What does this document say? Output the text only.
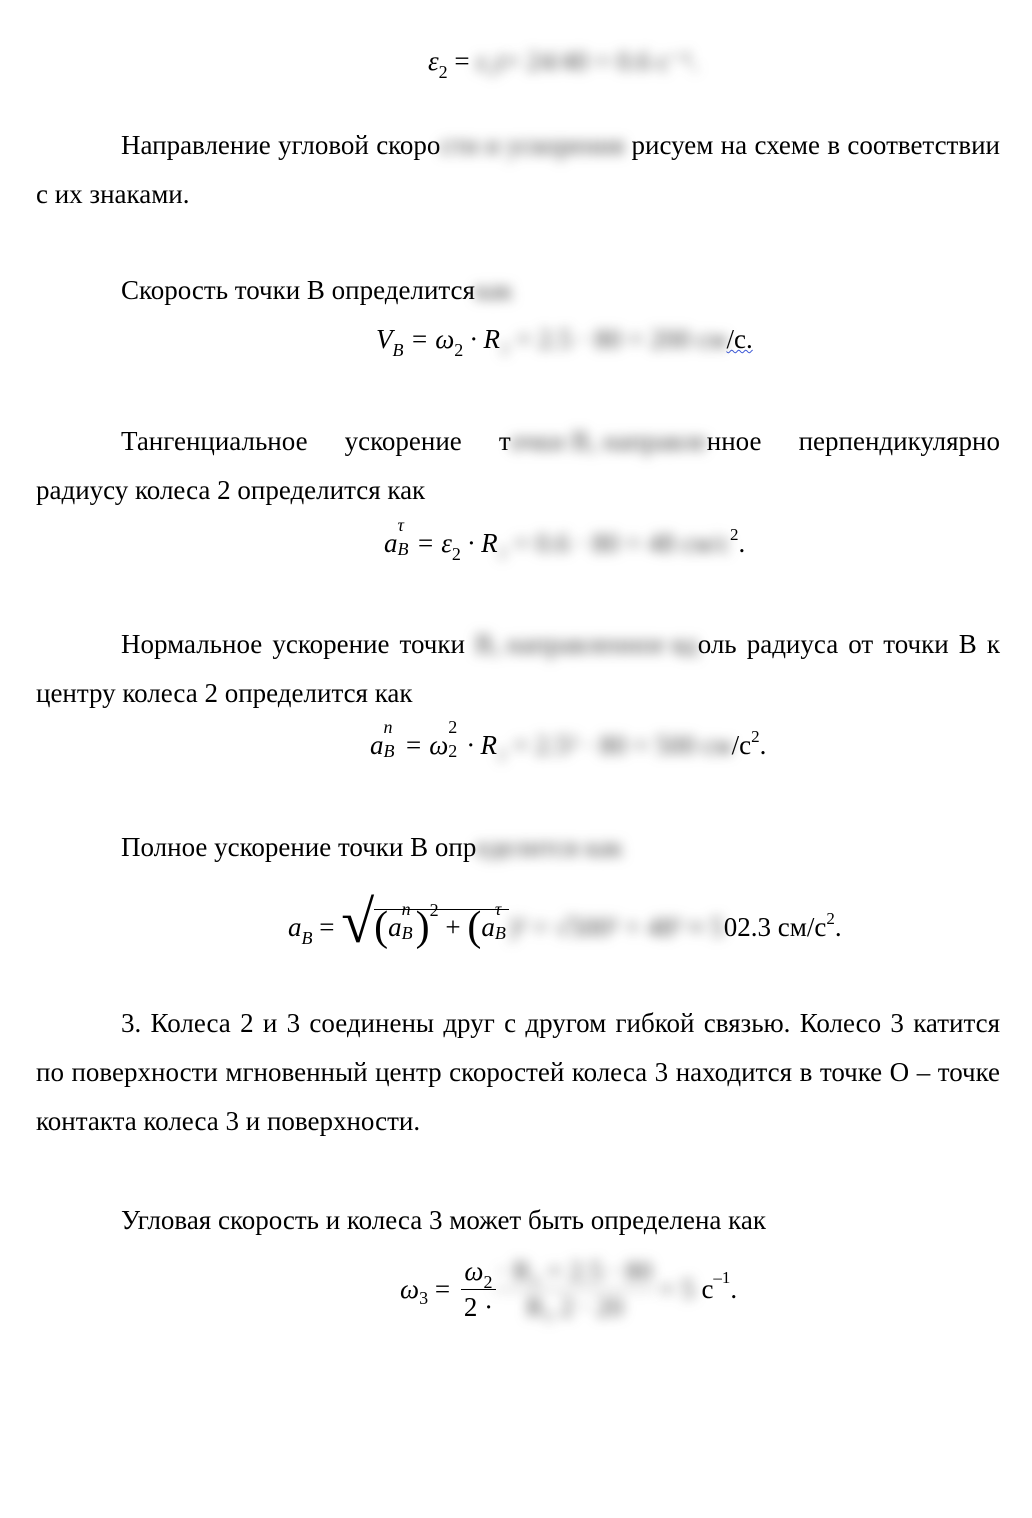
$\varepsilon_2 = \varepsilon_2t= 24/40 = 0.6$ с⁻¹.
Направление угловой скорости и ускорения рисуем на схеме в соответствии с их знаками.
Скорость точки В определитсякак
$V_B = \omega_2 \cdot R_2 = 2.5 \cdot 80 = 200$ см/с.
Тангенциальное ускорение точки В, направленное перпендикулярно радиусу колеса 2 определится как
a
τ
$B = \varepsilon_2 \cdot R_2 = 0.6 \cdot 80 = 48$ $см/с^2$.
Нормальное ускорение точки В, направленное вдоль радиуса от точки В к центру колеса 2 определится как
a
n
B = ω
2
2 · R₂ = 2.5² · 80 = 500 $см/с^2$.
Полное ускорение точки В определится как
$a_B = √(a$
n
B )$^2$ + (a
τ
B )² = √500² + 48² ≈ 502.3 $см/с^2$.
3. Колеса 2 и 3 соединены друг с другом гибкой связью. Колесо 3 катится по поверхности мгновенный центр скоростей колеса 3 находится в точке О – точке контакта колеса 3 и поверхности.
Угловая скорость и колеса 3 может быть определена как
ω $3 = \frac{\omega_2}{2 \cdot}$
$\frac{\text{· R₂ = 2.5 · 80}}{\text{R₃ 2 · 20}} = 5$ с –1 .
